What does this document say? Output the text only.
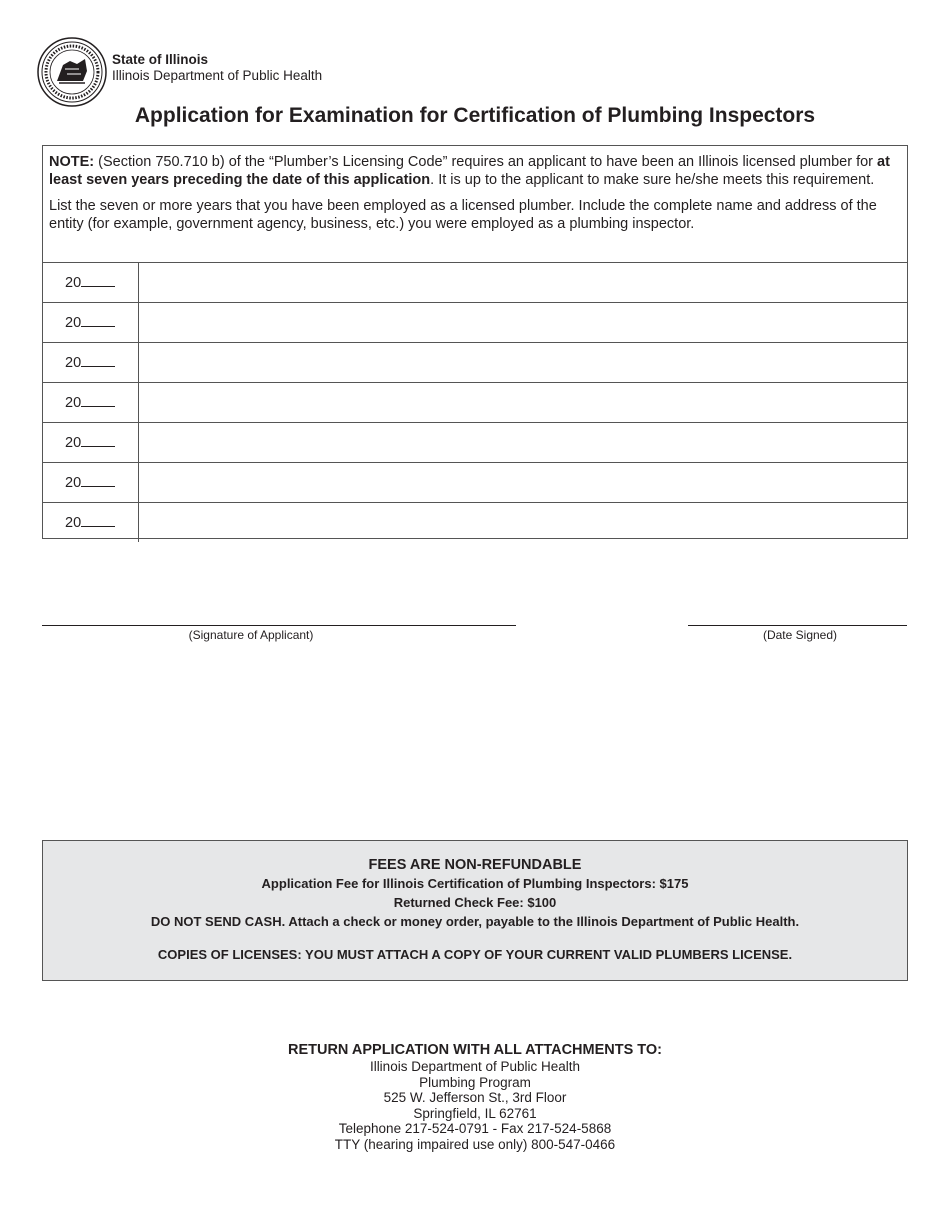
State of Illinois
Illinois Department of Public Health
Application for Examination for Certification of Plumbing Inspectors

NOTE: (Section 750.710 b) of the “Plumber’s Licensing Code” requires an applicant to have been an Illinois licensed plumber for at least seven years preceding the date of this application. It is up to the applicant to make sure he/she meets this requirement.

List the seven or more years that you have been employed as a licensed plumber. Include the complete name and address of the entity (for example, government agency, business, etc.) you were employed as a plumbing inspector.

20	
20	
20	
20	
20	
20	
20	
(Signature of Applicant)	(Date Signed)
FEES ARE NON-REFUNDABLE
Application Fee for Illinois Certification of Plumbing Inspectors: $175
Returned Check Fee: $100
DO NOT SEND CASH. Attach a check or money order, payable to the Illinois Department of Public Health.
COPIES OF LICENSES: YOU MUST ATTACH A COPY OF YOUR CURRENT VALID PLUMBERS LICENSE.
RETURN APPLICATION WITH ALL ATTACHMENTS TO:
Illinois Department of Public Health
Plumbing Program
525 W. Jefferson St., 3rd Floor
Springfield, IL 62761
Telephone 217-524-0791 - Fax 217-524-5868
TTY (hearing impaired use only) 800-547-0466
